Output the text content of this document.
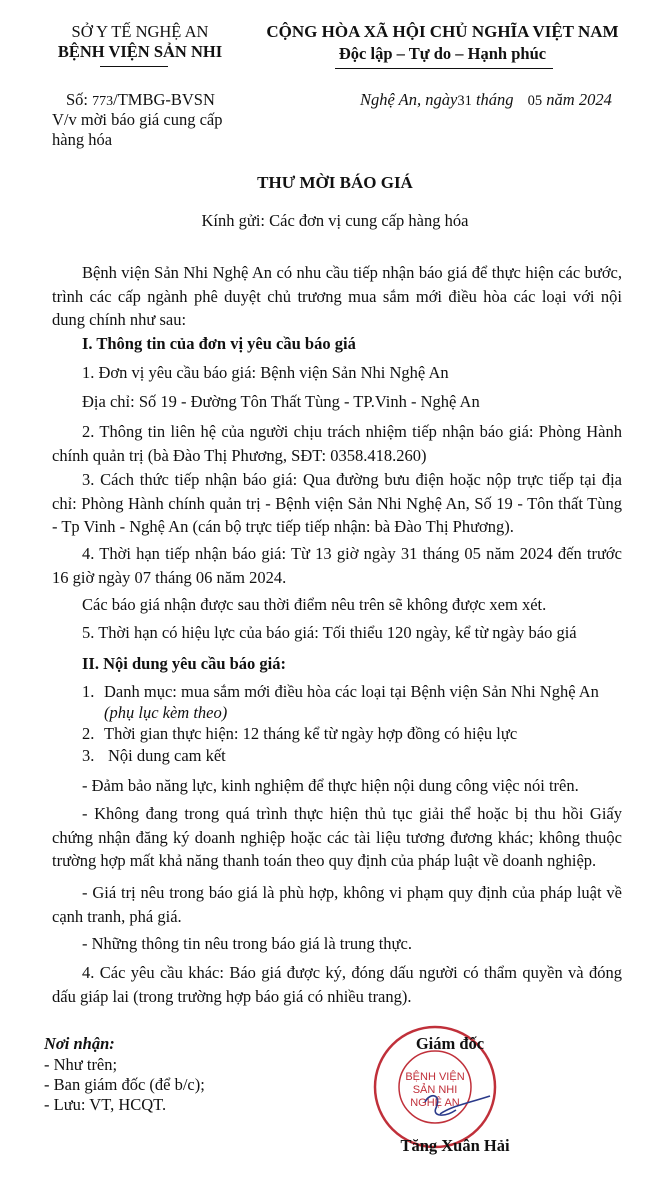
SỞ Y TẾ NGHỆ AN
BỆNH VIỆN SẢN NHI
CỘNG HÒA XÃ HỘI CHỦ NGHĨA VIỆT NAM
Độc lập – Tự do – Hạnh phúc
Số: 773/TMBG-BVSN
V/v mời báo giá cung cấp
hàng hóa
Nghệ An, ngày31 tháng 05 năm 2024
THƯ MỜI BÁO GIÁ
Kính gửi: Các đơn vị cung cấp hàng hóa
Bệnh viện Sản Nhi Nghệ An có nhu cầu tiếp nhận báo giá để thực hiện các bước, trình các cấp ngành phê duyệt chủ trương mua sắm mới điều hòa các loại với nội dung chính như sau:
I. Thông tin của đơn vị yêu cầu báo giá
1. Đơn vị yêu cầu báo giá: Bệnh viện Sản Nhi Nghệ An
Địa chỉ: Số 19 - Đường Tôn Thất Tùng - TP.Vinh - Nghệ An
2. Thông tin liên hệ của người chịu trách nhiệm tiếp nhận báo giá: Phòng Hành chính quản trị (bà Đào Thị Phương, SĐT: 0358.418.260)
3. Cách thức tiếp nhận báo giá: Qua đường bưu điện hoặc nộp trực tiếp tại địa chỉ: Phòng Hành chính quản trị - Bệnh viện Sản Nhi Nghệ An, Số 19 - Tôn thất Tùng - Tp Vinh - Nghệ An (cán bộ trực tiếp tiếp nhận: bà Đào Thị Phương).
4. Thời hạn tiếp nhận báo giá: Từ 13 giờ ngày 31 tháng 05 năm 2024 đến trước 16 giờ ngày 07 tháng 06 năm 2024.
Các báo giá nhận được sau thời điểm nêu trên sẽ không được xem xét.
5. Thời hạn có hiệu lực của báo giá: Tối thiểu 120 ngày, kể từ ngày báo giá
II. Nội dung yêu cầu báo giá:
1. Danh mục: mua sắm mới điều hòa các loại tại Bệnh viện Sản Nhi Nghệ An
(phụ lục kèm theo)
2. Thời gian thực hiện: 12 tháng kể từ ngày hợp đồng có hiệu lực
3. Nội dung cam kết
- Đảm bảo năng lực, kinh nghiệm để thực hiện nội dung công việc nói trên.
- Không đang trong quá trình thực hiện thủ tục giải thể hoặc bị thu hồi Giấy chứng nhận đăng ký doanh nghiệp hoặc các tài liệu tương đương khác; không thuộc trường hợp mất khả năng thanh toán theo quy định của pháp luật về doanh nghiệp.
- Giá trị nêu trong báo giá là phù hợp, không vi phạm quy định của pháp luật về cạnh tranh, phá giá.
- Những thông tin nêu trong báo giá là trung thực.
4. Các yêu cầu khác: Báo giá được ký, đóng dấu người có thẩm quyền và đóng dấu giáp lai (trong trường hợp báo giá có nhiều trang).
Nơi nhận:
- Như trên;
- Ban giám đốc (để b/c);
- Lưu: VT, HCQT.
BỆNH VIỆN
SẢN NHI
NGHỆ AN
Giám đốc
Tăng Xuân Hải
